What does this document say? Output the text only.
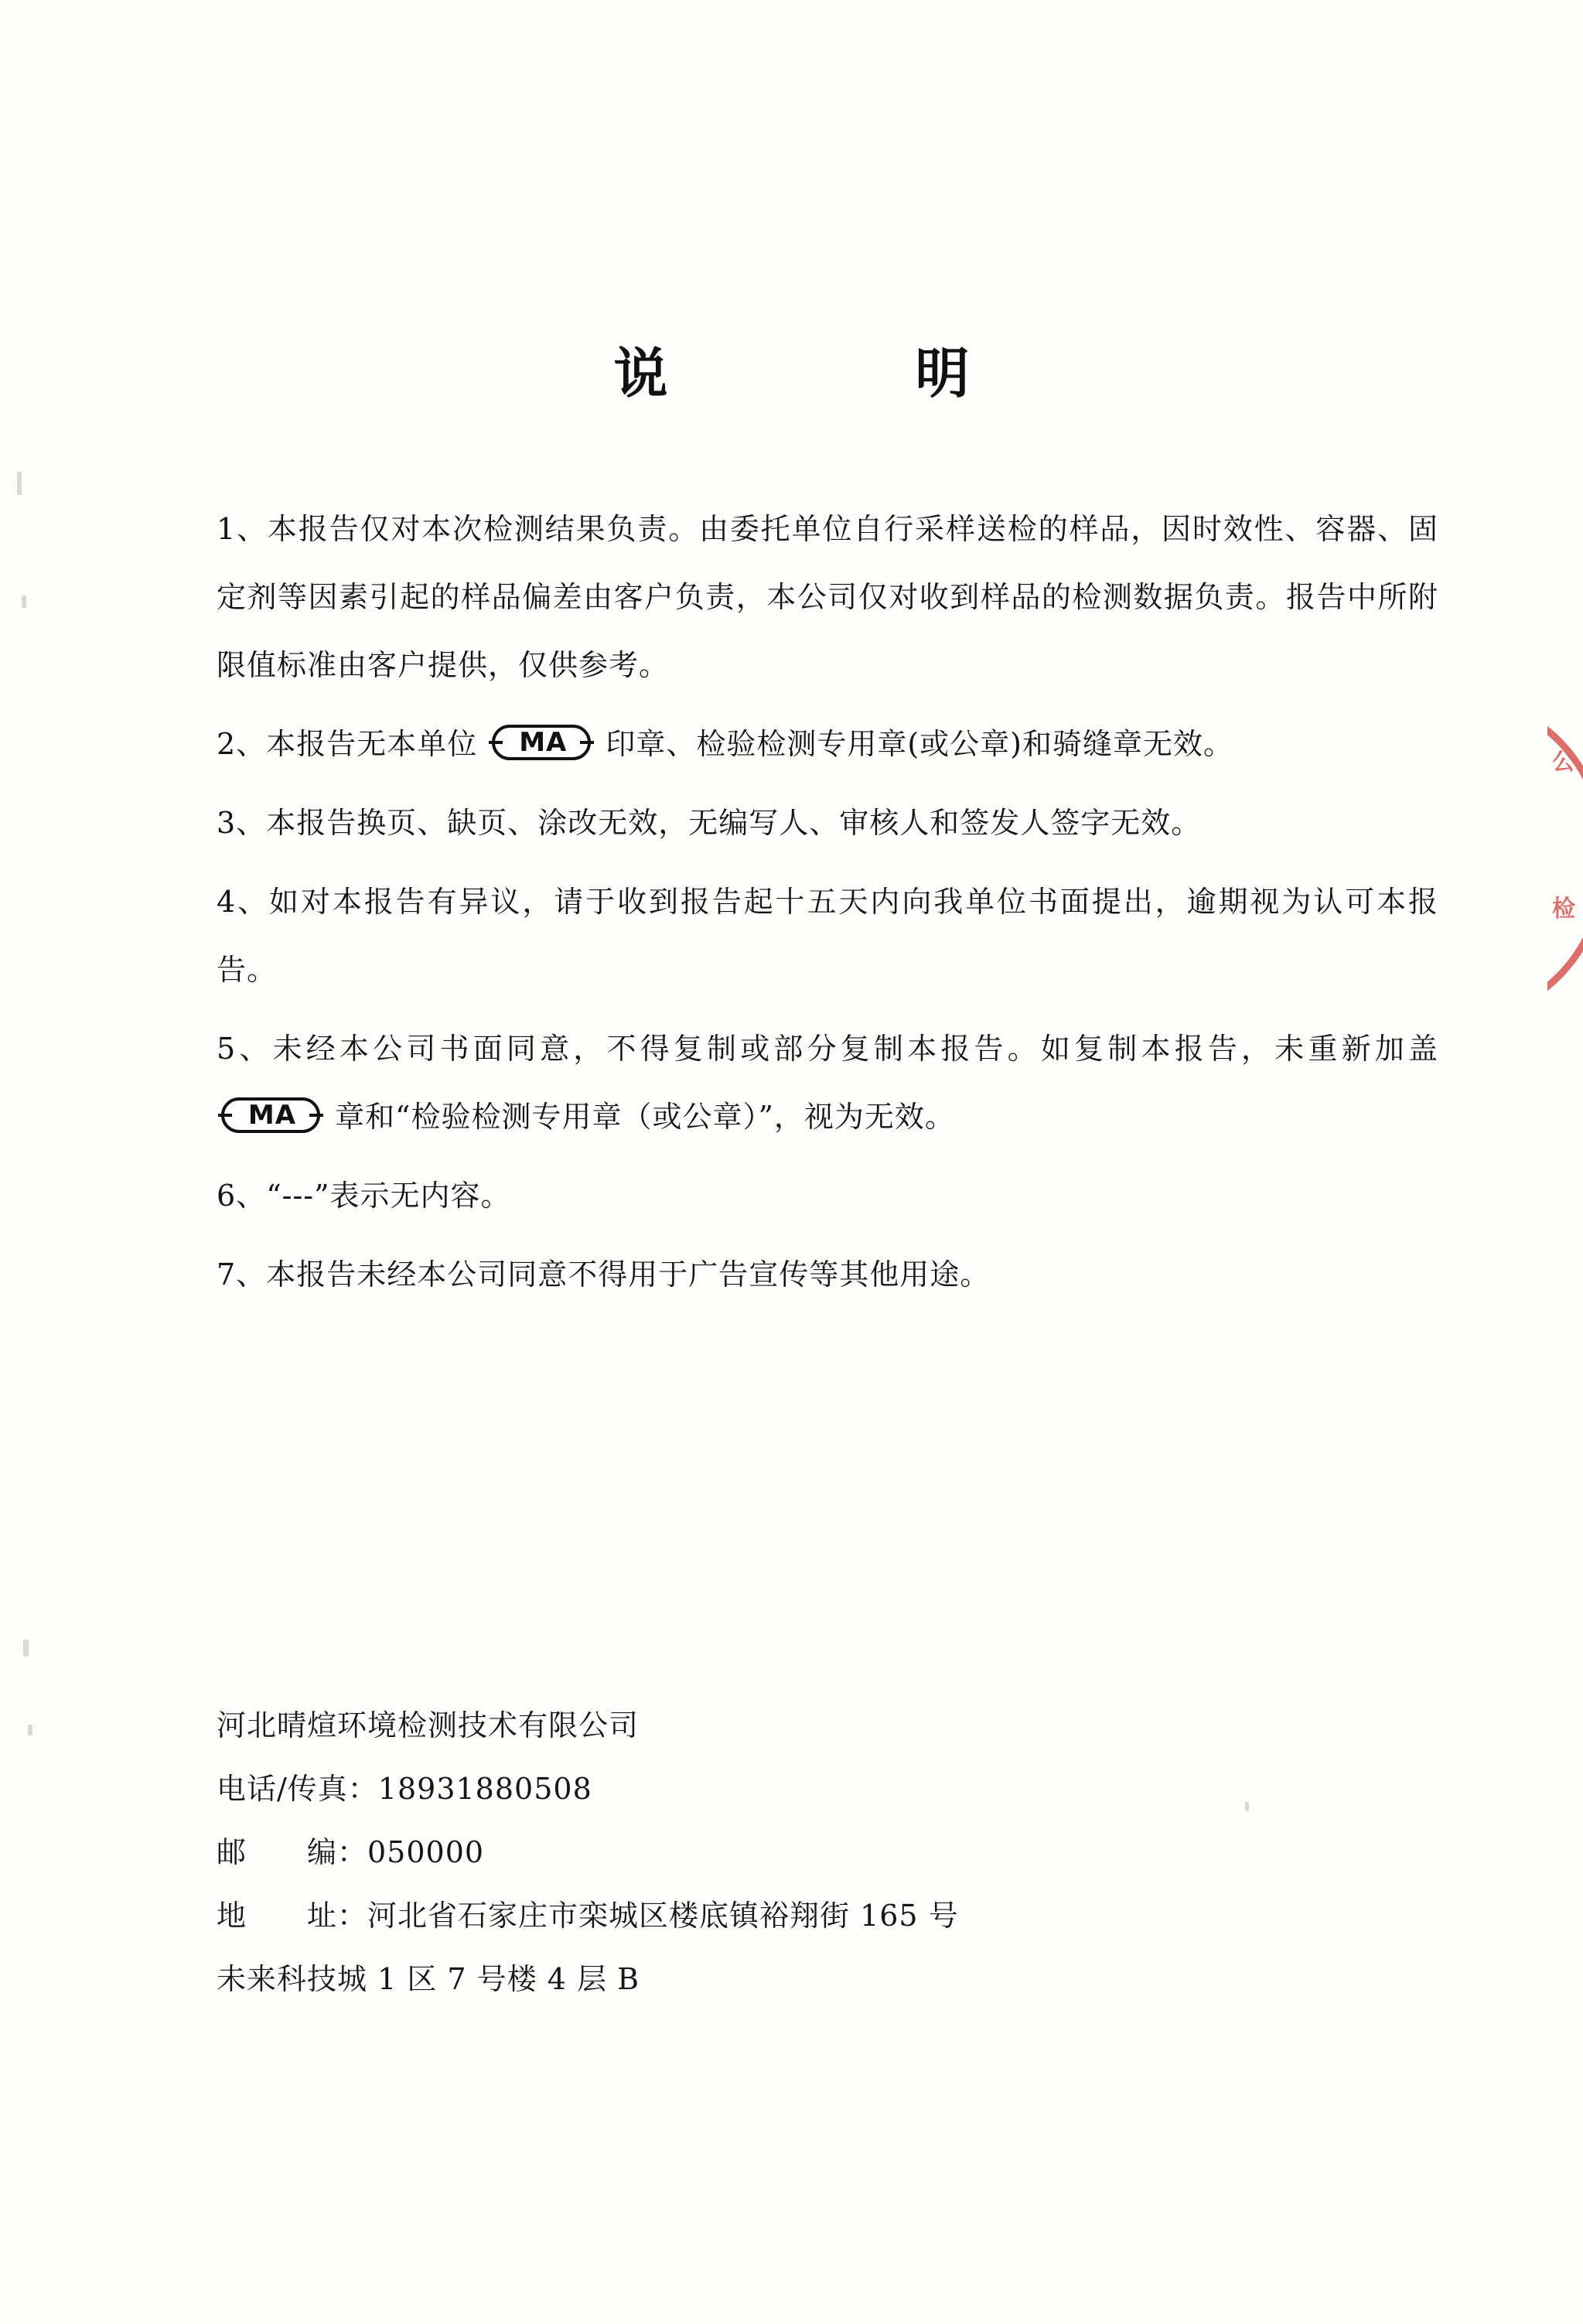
说　　明
1、本报告仅对本次检测结果负责。由委托单位自行采样送检的样品，因时效性、容器、固定剂等因素引起的样品偏差由客户负责，本公司仅对收到样品的检测数据负责。报告中所附限值标准由客户提供，仅供参考。
2、本报告无本单位	MA 印章、检验检测专用章(或公章)和骑缝章无效。
3、本报告换页、缺页、涂改无效，无编写人、审核人和签发人签字无效。
4、如对本报告有异议，请于收到报告起十五天内向我单位书面提出，逾期视为认可本报告。
5、未经本公司书面同意，不得复制或部分复制本报告。如复制本报告，未重新加盖
MA 章和“检验检测专用章（或公章）”，视为无效。
6、“---”表示无内容。
7、本报告未经本公司同意不得用于广告宣传等其他用途。
河北晴煊环境检测技术有限公司
电话/传真：18931880508
邮　　编：050000
地　　址：河北省石家庄市栾城区楼底镇裕翔街 165 号
未来科技城 1 区 7 号楼 4 层 B
公
检
